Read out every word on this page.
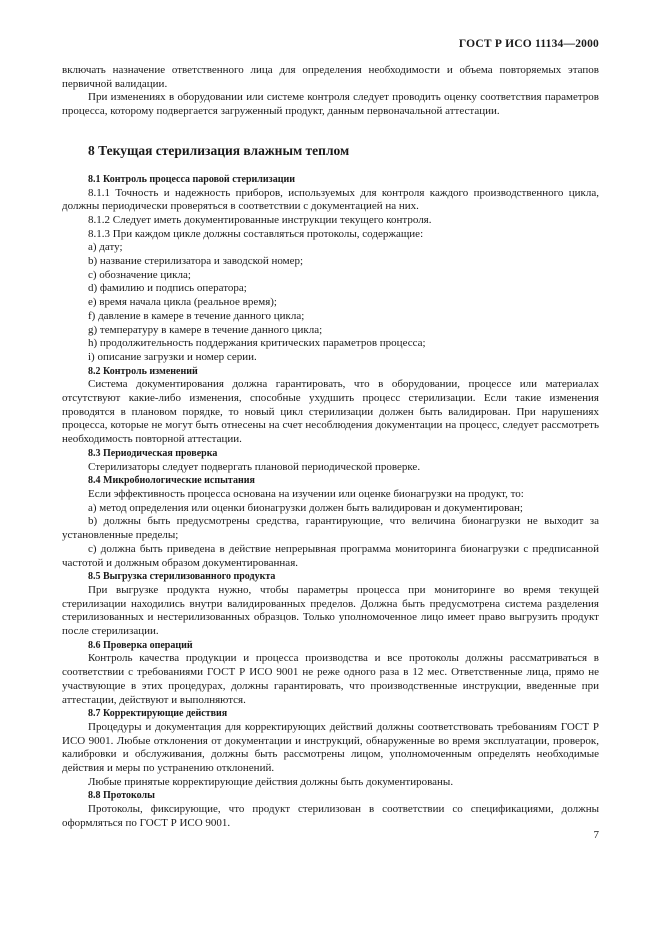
ГОСТ Р ИСО 11134—2000

включать назначение ответственного лица для определения необходимости и объема повторяемых этапов первичной валидации.

При изменениях в оборудовании или системе контроля следует проводить оценку соответствия параметров процесса, которому подвергается загруженный продукт, данным первоначальной аттестации.

8 Текущая стерилизация влажным теплом
8.1 Контроль процесса паровой стерилизации

8.1.1 Точность и надежность приборов, используемых для контроля каждого производственного цикла, должны периодически проверяться в соответствии с документацией на них.

8.1.2 Следует иметь документированные инструкции текущего контроля.

8.1.3 При каждом цикле должны составляться протоколы, содержащие:

a) дату;

b) название стерилизатора и заводской номер;

c) обозначение цикла;

d) фамилию и подпись оператора;

e) время начала цикла (реальное время);

f) давление в камере в течение данного цикла;

g) температуру в камере в течение данного цикла;

h) продолжительность поддержания критических параметров процесса;

i) описание загрузки и номер серии.

8.2 Контроль изменений

Система документирования должна гарантировать, что в оборудовании, процессе или материалах отсутствуют какие-либо изменения, способные ухудшить процесс стерилизации. Если такие изменения проводятся в плановом порядке, то новый цикл стерилизации должен быть валидирован. При нарушениях процесса, которые не могут быть отнесены на счет несоблюдения документации на процесс, следует рассмотреть необходимость повторной аттестации.

8.3 Периодическая проверка

Стерилизаторы следует подвергать плановой периодической проверке.

8.4 Микробиологические испытания

Если эффективность процесса основана на изучении или оценке бионагрузки на продукт, то:

a) метод определения или оценки бионагрузки должен быть валидирован и документирован;

b) должны быть предусмотрены средства, гарантирующие, что величина бионагрузки не выходит за установленные пределы;

c) должна быть приведена в действие непрерывная программа мониторинга бионагрузки с предписанной частотой и должным образом документированная.

8.5 Выгрузка стерилизованного продукта

При выгрузке продукта нужно, чтобы параметры процесса при мониторинге во время текущей стерилизации находились внутри валидированных пределов. Должна быть предусмотрена система разделения стерилизованных и нестерилизованных образцов. Только уполномоченное лицо имеет право выгрузить продукт после стерилизации.

8.6 Проверка операций

Контроль качества продукции и процесса производства и все протоколы должны рассматриваться в соответствии с требованиями ГОСТ Р ИСО 9001 не реже одного раза в 12 мес. Ответственные лица, прямо не участвующие в этих процедурах, должны гарантировать, что производственные инструкции, введенные при аттестации, действуют и выполняются.

8.7 Корректирующие действия

Процедуры и документация для корректирующих действий должны соответствовать требованиям ГОСТ Р ИСО 9001. Любые отклонения от документации и инструкций, обнаруженные во время эксплуатации, проверок, калибровки и обслуживания, должны быть рассмотрены лицом, уполномоченным определять необходимые действия и меры по устранению отклонений.

Любые принятые корректирующие действия должны быть документированы.

8.8 Протоколы

Протоколы, фиксирующие, что продукт стерилизован в соответствии со спецификациями, должны оформляться по ГОСТ Р ИСО 9001.

7
